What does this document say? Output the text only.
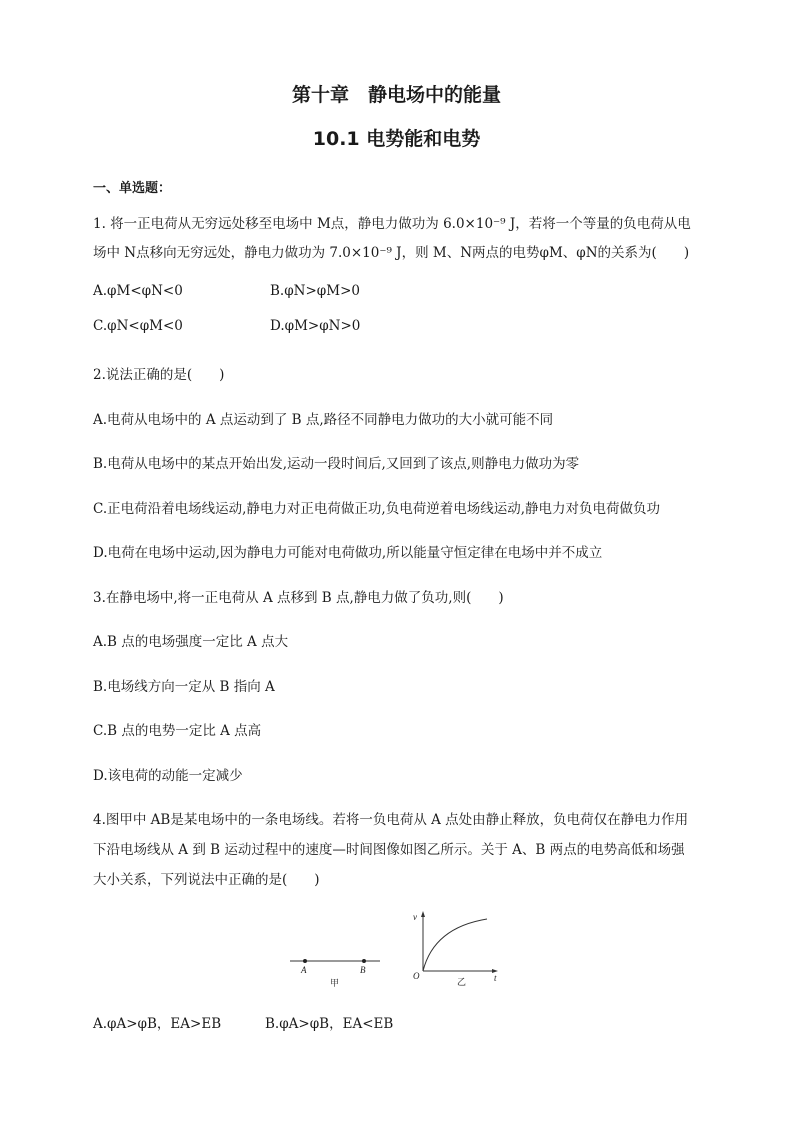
第十章　静电场中的能量
10.1 电势能和电势
一、单选题：
1. 将一正电荷从无穷远处移至电场中 M点，静电力做功为 6.0×10⁻⁹ J，若将一个等量的负电荷从电
场中 N点移向无穷远处，静电力做功为 7.0×10⁻⁹ J，则 M、N两点的电势φM、φN的关系为(　　)
A.φM<φN<0	B.φN>φM>0
C.φN<φM<0	D.φM>φN>0
2.说法正确的是(　　)
A.电荷从电场中的 A 点运动到了 B 点,路径不同静电力做功的大小就可能不同
B.电荷从电场中的某点开始出发,运动一段时间后,又回到了该点,则静电力做功为零
C.正电荷沿着电场线运动,静电力对正电荷做正功,负电荷逆着电场线运动,静电力对负电荷做负功
D.电荷在电场中运动,因为静电力可能对电荷做功,所以能量守恒定律在电场中并不成立
3.在静电场中,将一正电荷从 A 点移到 B 点,静电力做了负功,则(　　)
A.B 点的电场强度一定比 A 点大
B.电场线方向一定从 B 指向 A
C.B 点的电势一定比 A 点高
D.该电荷的动能一定减少
4.图甲中 AB是某电场中的一条电场线。若将一负电荷从 A 点处由静止释放，负电荷仅在静电力作用
下沿电场线从 A 到 B 运动过程中的速度—时间图像如图乙所示。关于 A、B 两点的电势高低和场强
大小关系，下列说法中正确的是(　　)
A	B
甲
v
t
O
乙
A.φA>φB，EA>EB	B.φA>φB，EA<EB
